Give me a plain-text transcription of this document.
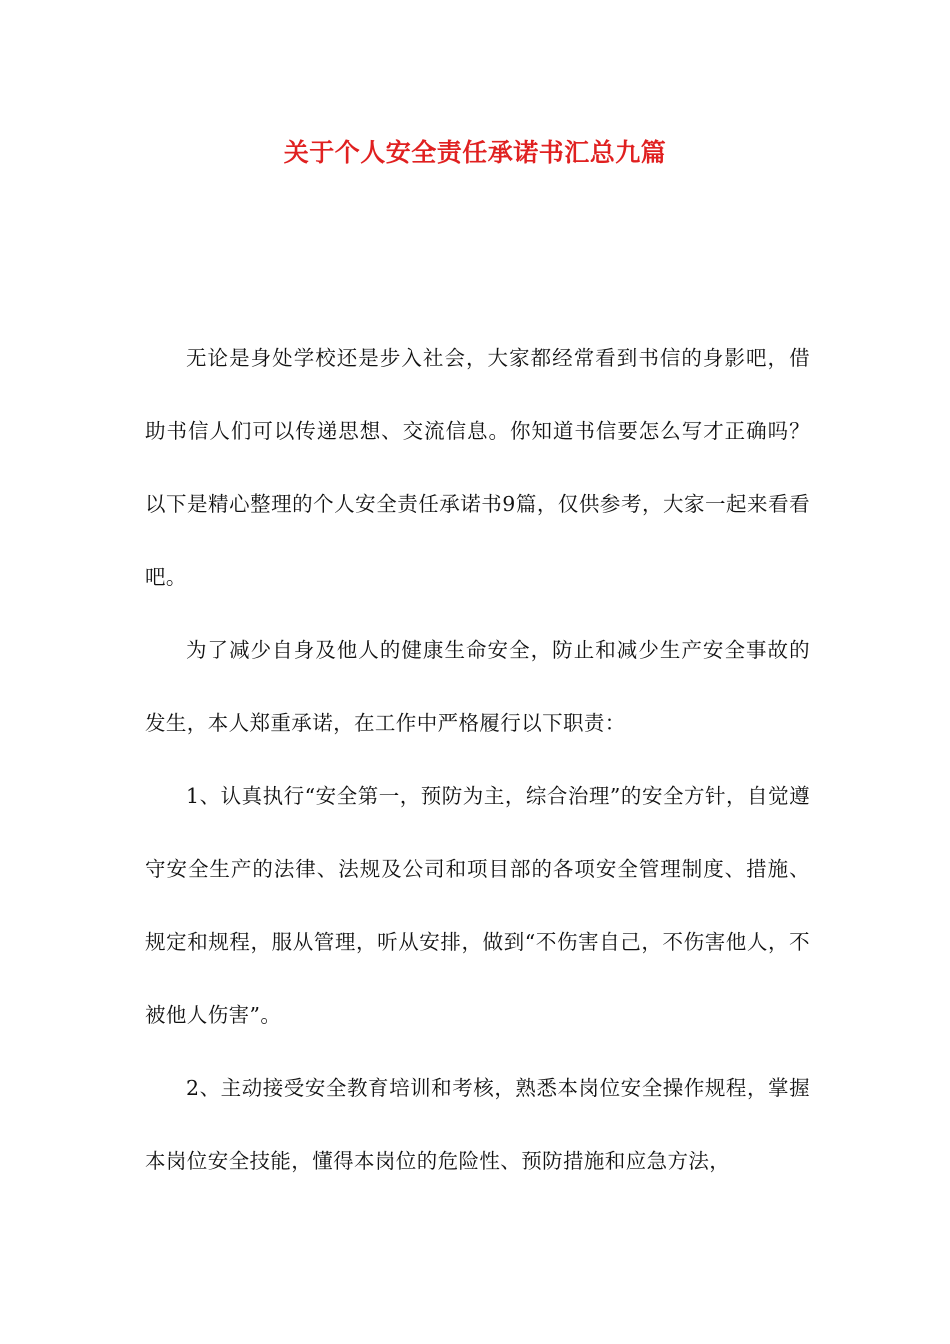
关于个人安全责任承诺书汇总九篇

无论是身处学校还是步入社会，大家都经常看到书信的身影吧，借助书信人们可以传递思想、交流信息。你知道书信要怎么写才正确吗？以下是精心整理的个人安全责任承诺书9篇，仅供参考，大家一起来看看吧。

为了减少自身及他人的健康生命安全，防止和减少生产安全事故的发生，本人郑重承诺，在工作中严格履行以下职责：

1、认真执行“安全第一，预防为主，综合治理”的安全方针，自觉遵守安全生产的法律、法规及公司和项目部的各项安全管理制度、措施、规定和规程，服从管理，听从安排，做到“不伤害自己，不伤害他人，不被他人伤害”。

2、主动接受安全教育培训和考核，熟悉本岗位安全操作规程，掌握本岗位安全技能，懂得本岗位的危险性、预防措施和应急方法，
